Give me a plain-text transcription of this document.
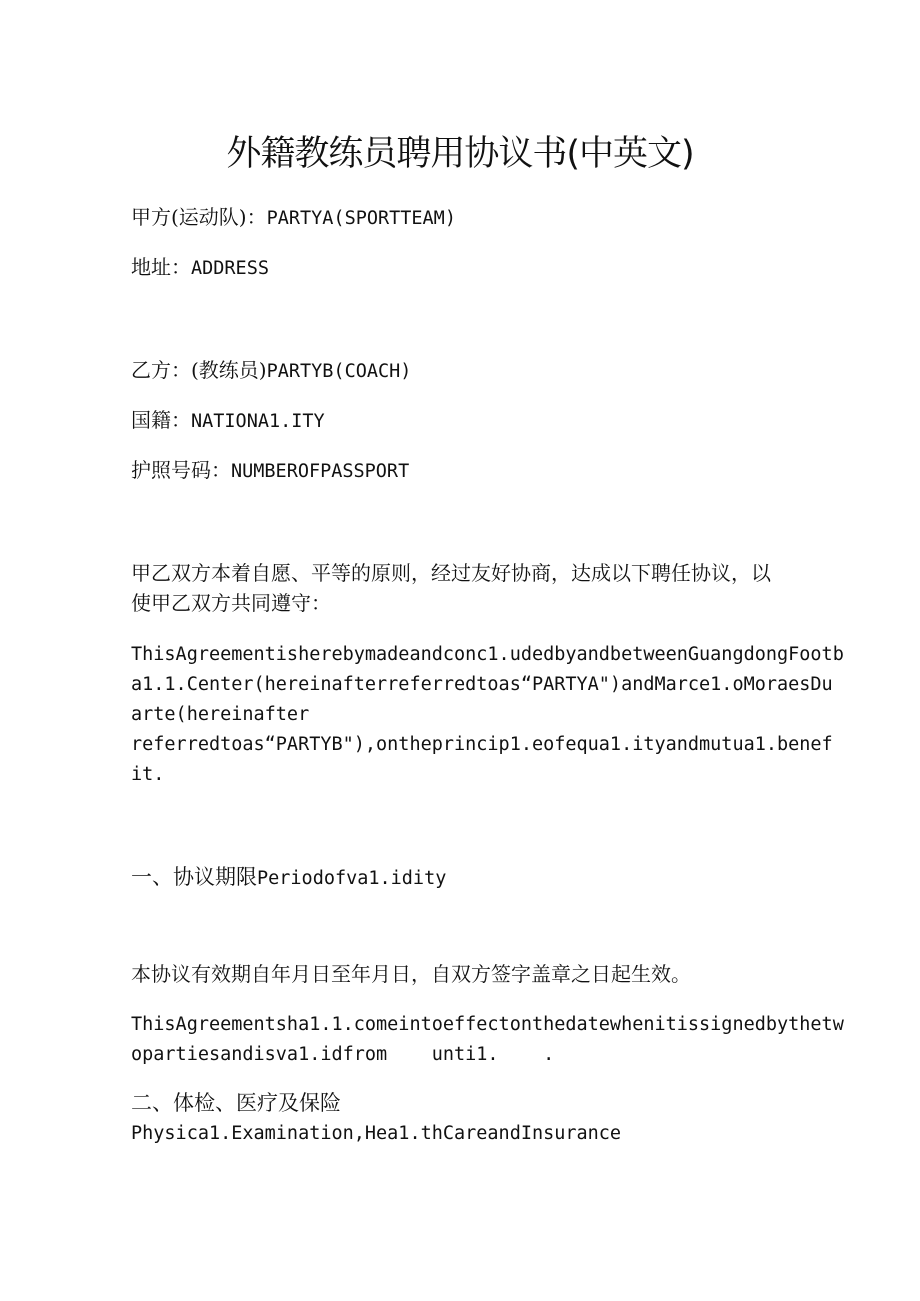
外籍教练员聘用协议书(中英文)

甲方(运动队)：PARTYA(SPORTTEAM)

地址：ADDRESS

乙方：(教练员)PARTYB(COACH)

国籍：NATIONA1.ITY

护照号码：NUMBEROFPASSPORT

甲乙双方本着自愿、平等的原则，经过友好协商，达成以下聘任协议，以
使甲乙双方共同遵守：
ThisAgreementisherebymadeandconc1.udedbyandbetweenGuangdongFootb
a1.1.Center(hereinafterreferredtoas“PARTYA")andMarce1.oMoraesDu
arte(hereinafter
referredtoas“PARTYB"),ontheprincip1.eofequa1.ityandmutua1.benef
it.
一、协议期限Periodofva1.idity

本协议有效期自年月日至年月日，自双方签字盖章之日起生效。

ThisAgreementsha1.1.comeintoeffectonthedatewhenitissignedbythetw
opartiesandisva1.idfrom    unti1.    .
二、体检、医疗及保险

Physica1.Examination,Hea1.thCareandInsurance
